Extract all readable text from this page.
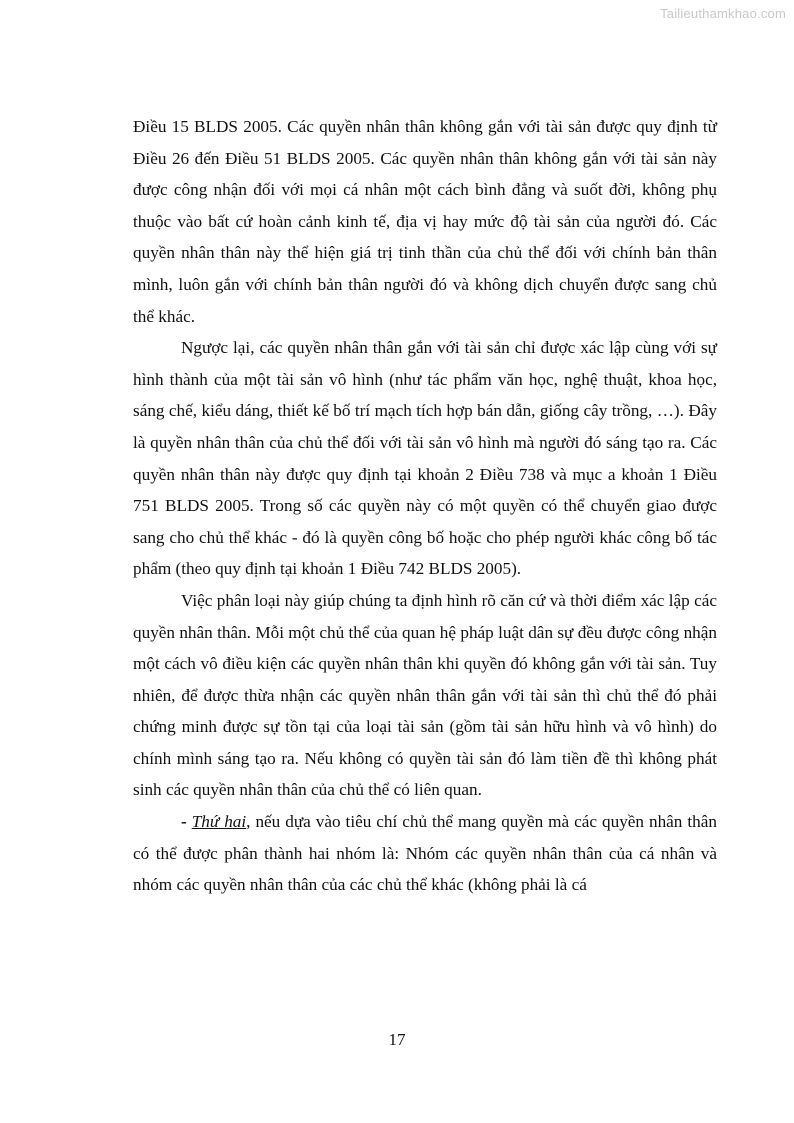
Tailieuthamkhao.com

Điều 15 BLDS 2005. Các quyền nhân thân không gắn với tài sản được quy định từ Điều 26 đến Điều 51 BLDS 2005. Các quyền nhân thân không gắn với tài sản này được công nhận đối với mọi cá nhân một cách bình đẳng và suốt đời, không phụ thuộc vào bất cứ hoàn cảnh kinh tế, địa vị hay mức độ tài sản của người đó. Các quyền nhân thân này thể hiện giá trị tinh thần của chủ thể đối với chính bản thân mình, luôn gắn với chính bản thân người đó và không dịch chuyển được sang chủ thể khác.

Ngược lại, các quyền nhân thân gắn với tài sản chỉ được xác lập cùng với sự hình thành của một tài sản vô hình (như tác phẩm văn học, nghệ thuật, khoa học, sáng chế, kiểu dáng, thiết kế bố trí mạch tích hợp bán dẫn, giống cây trồng, …). Đây là quyền nhân thân của chủ thể đối với tài sản vô hình mà người đó sáng tạo ra. Các quyền nhân thân này được quy định tại khoản 2 Điều 738 và mục a khoản 1 Điều 751 BLDS 2005. Trong số các quyền này có một quyền có thể chuyển giao được sang cho chủ thể khác - đó là quyền công bố hoặc cho phép người khác công bố tác phẩm (theo quy định tại khoản 1 Điều 742 BLDS 2005).

Việc phân loại này giúp chúng ta định hình rõ căn cứ và thời điểm xác lập các quyền nhân thân. Mỗi một chủ thể của quan hệ pháp luật dân sự đều được công nhận một cách vô điều kiện các quyền nhân thân khi quyền đó không gắn với tài sản. Tuy nhiên, để được thừa nhận các quyền nhân thân gắn với tài sản thì chủ thể đó phải chứng minh được sự tồn tại của loại tài sản (gồm tài sản hữu hình và vô hình) do chính mình sáng tạo ra. Nếu không có quyền tài sản đó làm tiền đề thì không phát sinh các quyền nhân thân của chủ thể có liên quan.

- Thứ hai, nếu dựa vào tiêu chí chủ thể mang quyền mà các quyền nhân thân có thể được phân thành hai nhóm là: Nhóm các quyền nhân thân của cá nhân và nhóm các quyền nhân thân của các chủ thể khác (không phải là cá

17
